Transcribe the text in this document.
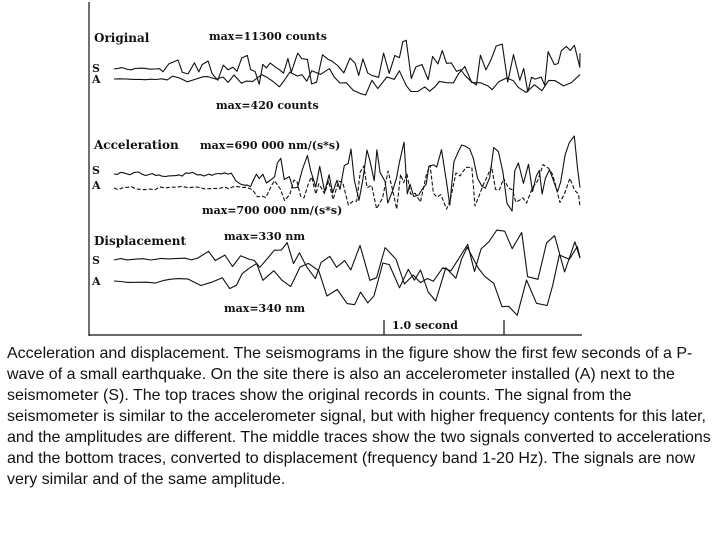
Original	max=11300 counts
max=420 counts
S
A
Acceleration max=690 000 nm/(s*s)
max=700 000 nm/(s*s)
S
A
Displacement	max=330 nm
max=340 nm
S
A
1.0 second
Acceleration and displacement. The seismograms in the figure show the first few seconds of a P-wave of a small earthquake. On the site there is also an accelerometer installed (A) next to the seismometer (S). The top traces show the original records in counts. The signal from the seismometer is similar to the accelerometer signal, but with higher frequency contents for this later, and the amplitudes are different. The middle traces show the two signals converted to accelerations and the bottom traces, converted to displacement (frequency band 1-20 Hz). The signals are now very similar and of the same amplitude.
